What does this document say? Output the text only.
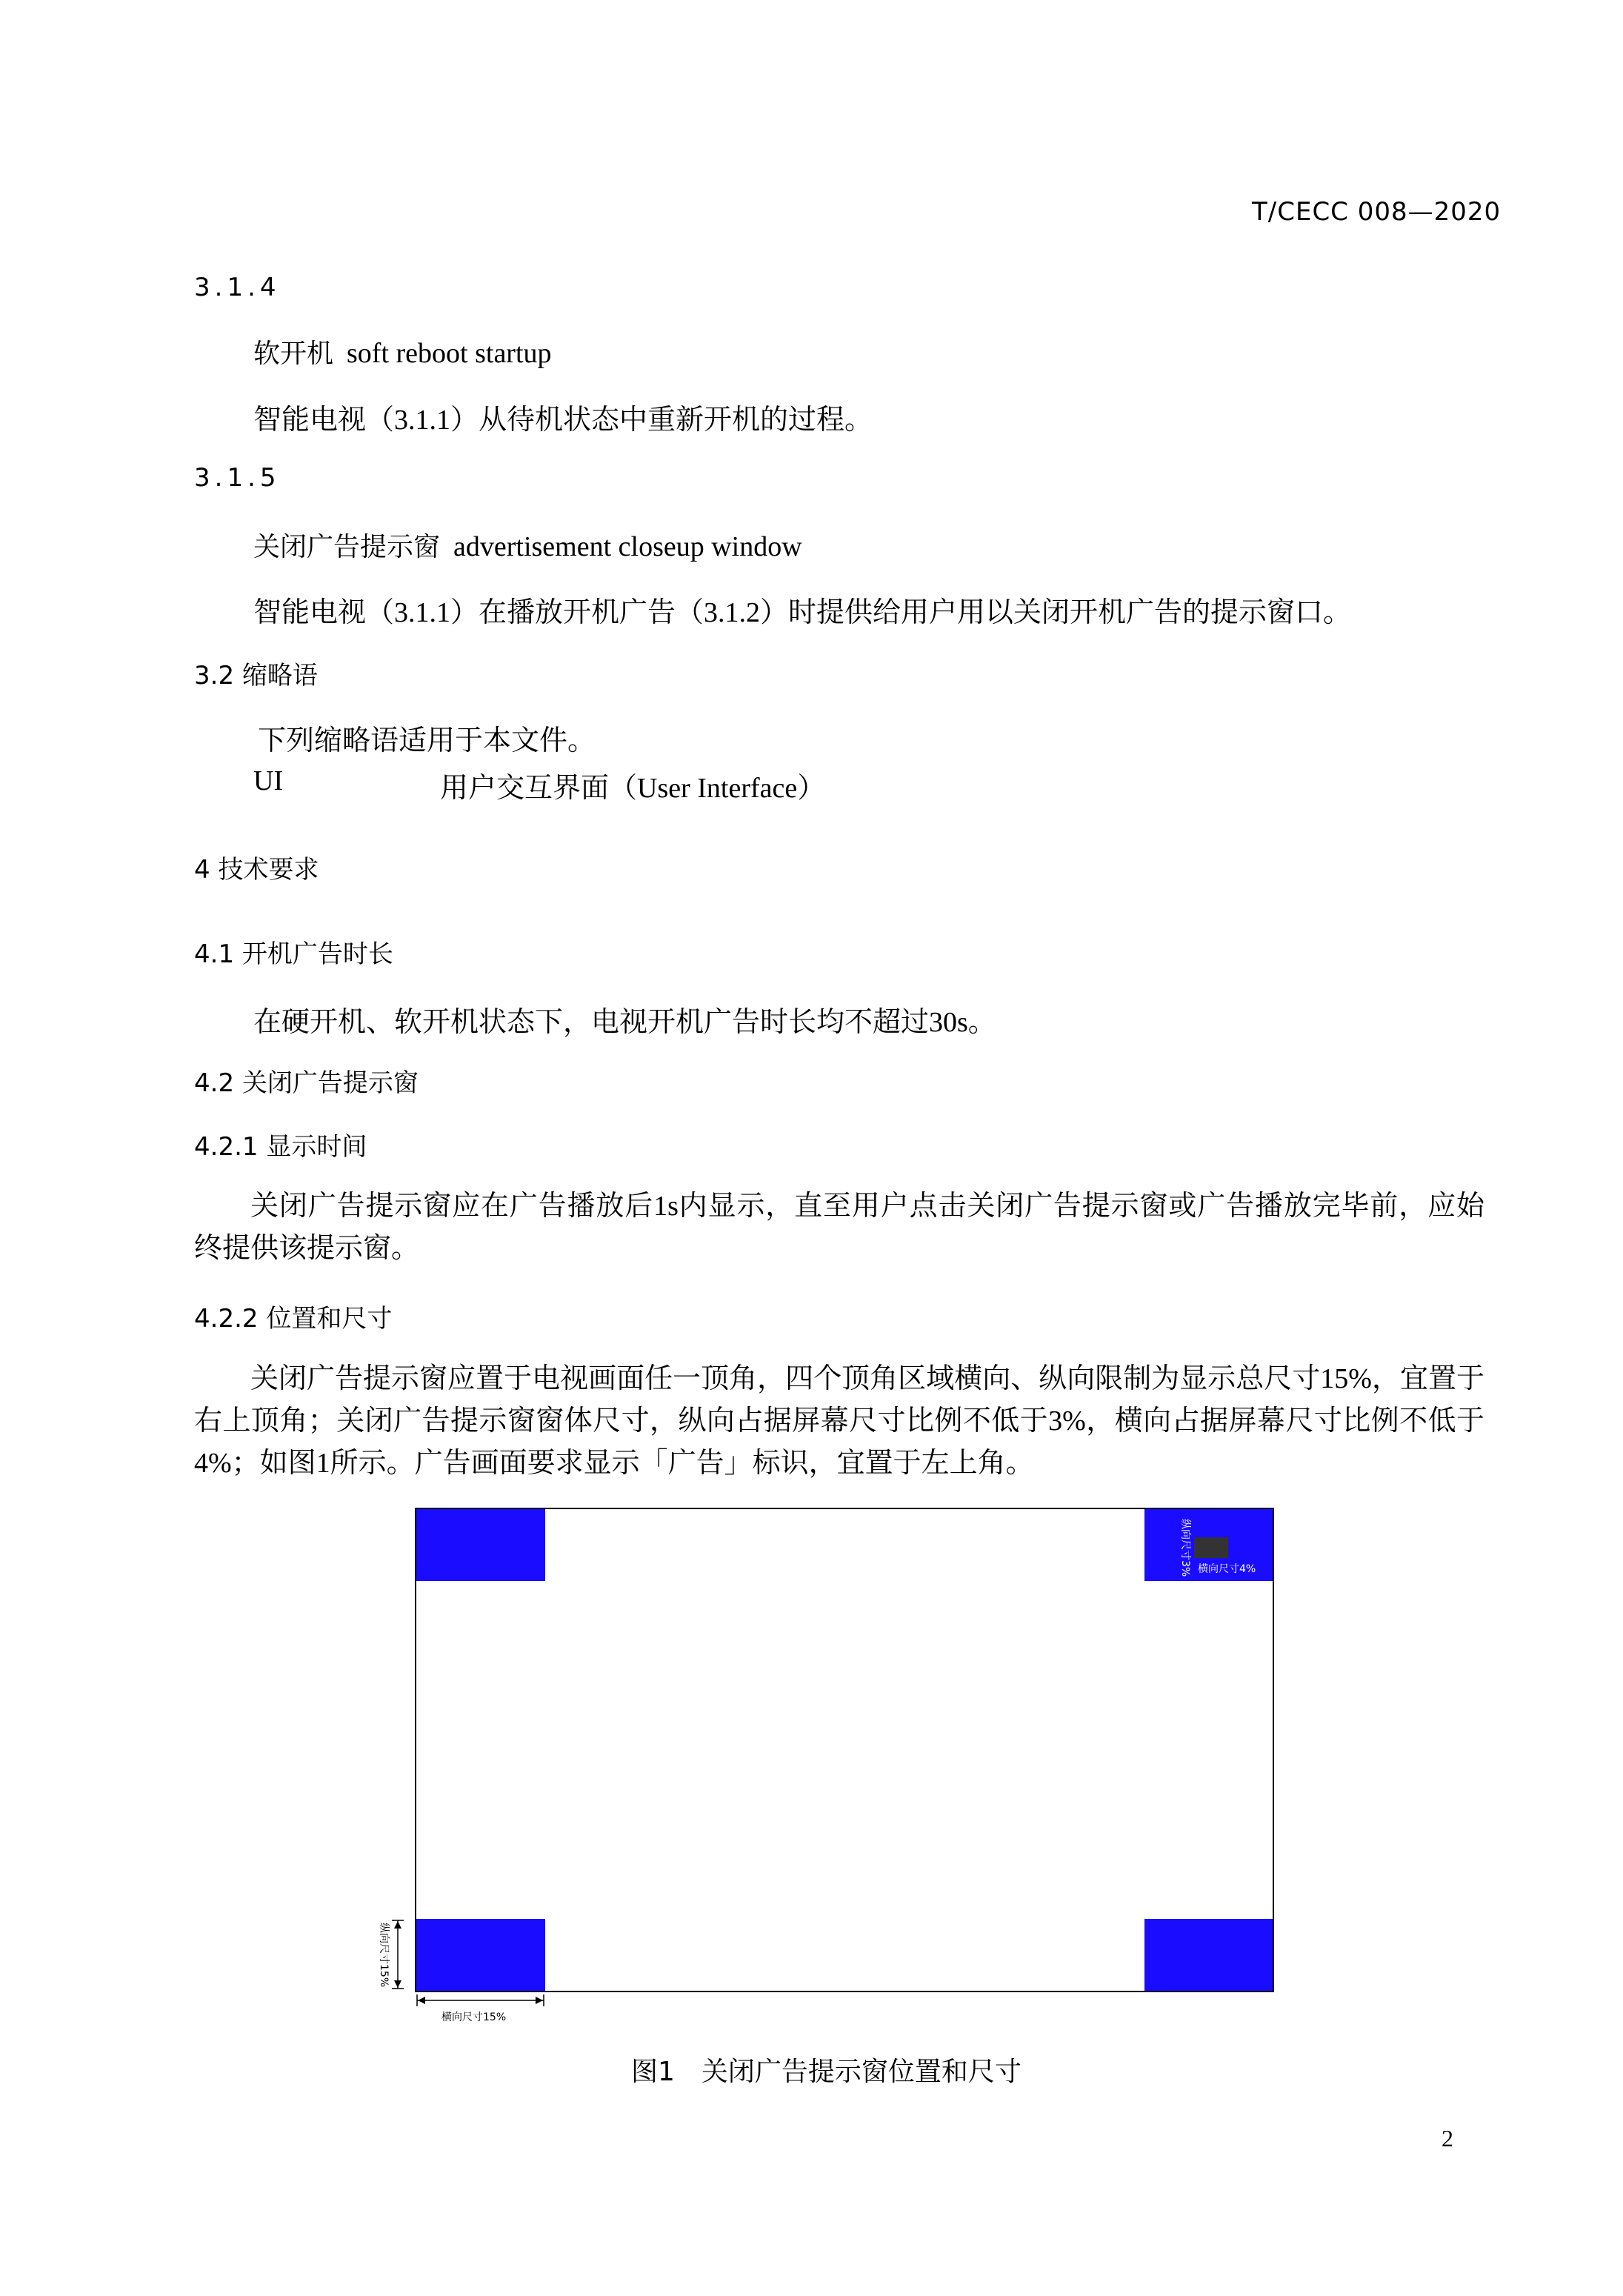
T/CECC 008—2020
3.1.4
软开机 soft reboot startup
智能电视（3.1.1）从待机状态中重新开机的过程。
3.1.5
关闭广告提示窗 advertisement closeup window
智能电视（3.1.1）在播放开机广告（3.1.2）时提供给用户用以关闭开机广告的提示窗口。
3.2 缩略语
下列缩略语适用于本文件。
UI	用户交互界面（User Interface）
4 技术要求
4.1 开机广告时长
在硬开机、软开机状态下，电视开机广告时长均不超过30s。
4.2 关闭广告提示窗
4.2.1 显示时间
关闭广告提示窗应在广告播放后1s内显示，直至用户点击关闭广告提示窗或广告播放完毕前，应始终提供该提示窗。
4.2.2 位置和尺寸
关闭广告提示窗应置于电视画面任一顶角，四个顶角区域横向、纵向限制为显示总尺寸15%，宜置于右上顶角；关闭广告提示窗窗体尺寸，纵向占据屏幕尺寸比例不低于3%，横向占据屏幕尺寸比例不低于4%；如图1所示。广告画面要求显示「广告」标识，宜置于左上角。
横向尺寸4%
纵向尺寸3%
纵向尺寸15%
横向尺寸15%
图1　关闭广告提示窗位置和尺寸
2
